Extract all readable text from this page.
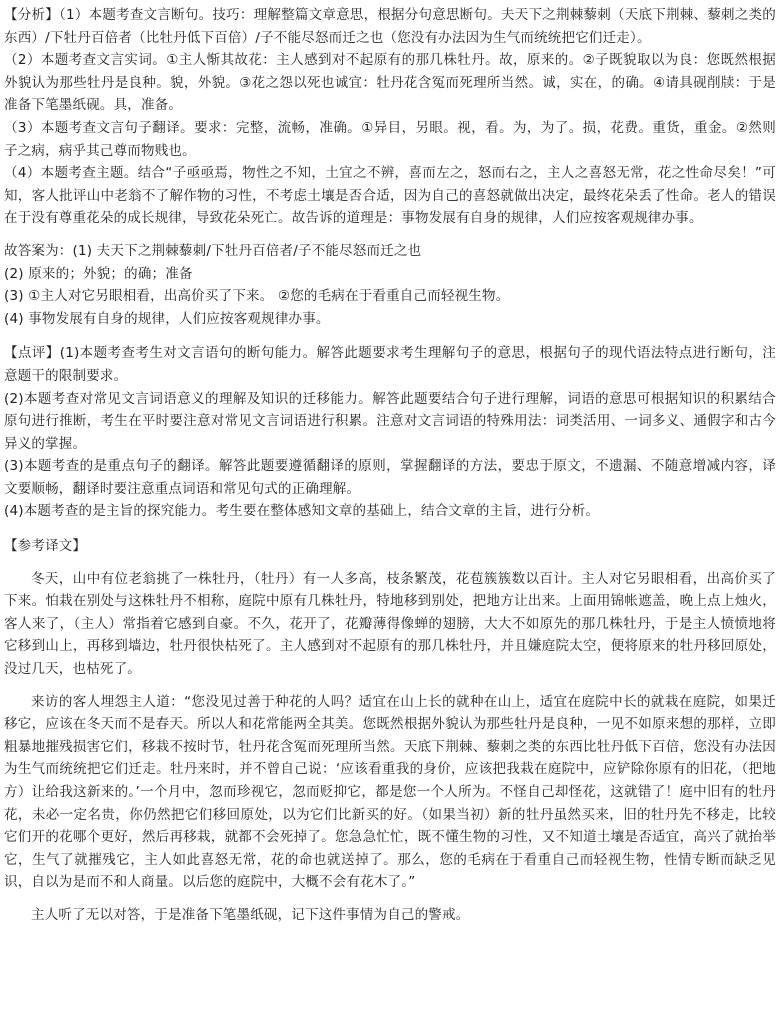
【分析】（1）本题考查文言断句。技巧：理解整篇文章意思，根据分句意思断句。夫天下之荆棘藜刺（天底下荆棘、藜刺之类的东西）/下牡丹百倍者（比牡丹低下百倍）/子不能尽怒而迁之也（您没有办法因为生气而统统把它们迁走）。

（2）本题考查文言实词。①主人惭其故花：主人感到对不起原有的那几株牡丹。故，原来的。②子既貌取以为良：您既然根据外貌认为那些牡丹是良种。貌，外貌。③花之怨以死也诚宜：牡丹花含冤而死理所当然。诚，实在，的确。④请具砚削牍：于是准备下笔墨纸砚。具，准备。

（3）本题考查文言句子翻译。要求：完整，流畅，准确。①异目，另眼。视，看。为，为了。损，花费。重货，重金。②然则子之病，病乎其己尊而物贱也。

（4）本题考查主题。结合“子亟亟焉，物性之不知，土宜之不辨，喜而左之，怒而右之，主人之喜怒无常，花之性命尽矣！”可知，客人批评山中老翁不了解作物的习性，不考虑土壤是否合适，因为自己的喜怒就做出决定，最终花朵丢了性命。老人的错误在于没有尊重花朵的成长规律，导致花朵死亡。故告诉的道理是：事物发展有自身的规律，人们应按客观规律办事。

故答案为：(1) 夫天下之荆棘藜刺/下牡丹百倍者/子不能尽怒而迁之也

(2) 原来的；外貌；的确；准备

(3) ①主人对它另眼相看，出高价买了下来。 ②您的毛病在于看重自己而轻视生物。

(4) 事物发展有自身的规律，人们应按客观规律办事。

【点评】(1)本题考查考生对文言语句的断句能力。解答此题要求考生理解句子的意思，根据句子的现代语法特点进行断句，注意题干的限制要求。

(2)本题考查对常见文言词语意义的理解及知识的迁移能力。解答此题要结合句子进行理解，词语的意思可根据知识的积累结合原句进行推断，考生在平时要注意对常见文言词语进行积累。注意对文言词语的特殊用法：词类活用、一词多义、通假字和古今异义的掌握。

(3)本题考查的是重点句子的翻译。解答此题要遵循翻译的原则，掌握翻译的方法，要忠于原文，不遗漏、不随意增减内容，译文要顺畅，翻译时要注意重点词语和常见句式的正确理解。

(4)本题考查的是主旨的探究能力。考生要在整体感知文章的基础上，结合文章的主旨，进行分析。

【参考译文】

冬天，山中有位老翁挑了一株牡丹，（牡丹）有一人多高，枝条繁茂，花苞簇簇数以百计。主人对它另眼相看，出高价买了下来。怕栽在别处与这株牡丹不相称，庭院中原有几株牡丹，特地移到别处，把地方让出来。上面用锦帐遮盖，晚上点上烛火，客人来了，（主人）常指着它感到自豪。不久，花开了，花瓣薄得像蝉的翅膀，大大不如原先的那几株牡丹，于是主人愤愤地将它移到山上，再移到墙边，牡丹很快枯死了。主人感到对不起原有的那几株牡丹，并且嫌庭院太空，便将原来的牡丹移回原处，没过几天，也枯死了。

来访的客人埋怨主人道：“您没见过善于种花的人吗？适宜在山上长的就种在山上，适宜在庭院中长的就栽在庭院，如果迁移它，应该在冬天而不是春天。所以人和花常能两全其美。您既然根据外貌认为那些牡丹是良种，一见不如原来想的那样，立即粗暴地摧残损害它们，移栽不按时节，牡丹花含冤而死理所当然。天底下荆棘、藜刺之类的东西比牡丹低下百倍，您没有办法因为生气而统统把它们迁走。牡丹来时，并不曾自己说：‘应该看重我的身价，应该把我栽在庭院中，应铲除你原有的旧花，（把地方）让给我这新来的。’一个月中，忽而珍视它，忽而贬抑它，都是您一个人所为。不怪自己却怪花，这就错了！庭中旧有的牡丹花，未必一定名贵，你仍然把它们移回原处，以为它们比新买的好。（如果当初）新的牡丹虽然买来，旧的牡丹先不移走，比较它们开的花哪个更好，然后再移栽，就都不会死掉了。您急急忙忙，既不懂生物的习性，又不知道土壤是否适宜，高兴了就抬举它，生气了就摧残它，主人如此喜怒无常，花的命也就送掉了。那么，您的毛病在于看重自己而轻视生物，性情专断而缺乏见识，自以为是而不和人商量。以后您的庭院中，大概不会有花木了。”

主人听了无以对答，于是准备下笔墨纸砚，记下这件事情为自己的警戒。
